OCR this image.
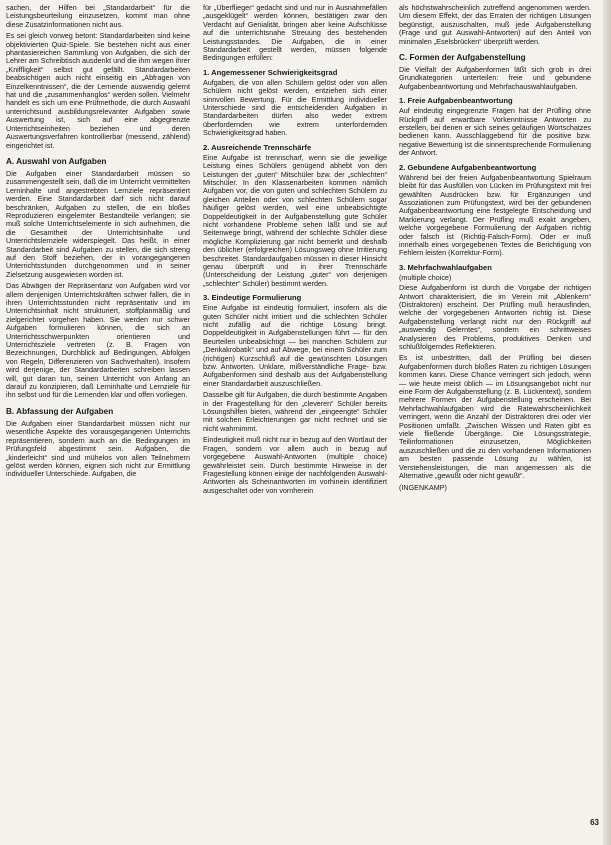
sachen, der Hilfen bei „Standardarbeit“ für die Leistungsbeurteilung einzusetzen, kommt man ohne diese Zusatzinformationen nicht aus.

Es sei gleich vorweg betont: Standardarbeiten sind keine objektivierten Quiz-Spiele. Sie bestehen nicht aus einer phantasiereichen Sammlung von Aufgaben, die sich der Lehrer am Schreibtisch ausdenkt und die ihm wegen ihrer „Kniffligkeit“ selbst gut gefällt. Standardarbeiten beabsichtigen auch nicht einseitig ein „Abfragen von Einzelkenntnissen“, die der Lernende auswendig gelernt hat und die „zusammenhanglos“ werden sollen. Vielmehr handelt es sich um eine Prüfmethode, die durch Auswahl unterrichtsund ausbildungsrelevanter Aufgaben sowie Auswertung ist, sich auf eine abgegrenzte Unterrichtseinheiten beziehen und deren Auswertungsverfahren kontrollierbar (messend, zählend) eingerichtet ist.

A. Auswahl von Aufgaben

Die Aufgaben einer Standardarbeit müssen so zusammengestellt sein, daß die im Unterricht vermittelten Lerninhalte und angestrebten Lernziele repräsentiert werden. Eine Standardarbeit darf sich nicht darauf beschränken, Aufgaben zu stellen, die ein bloßes Reproduzieren eingelernter Bestandteile verlangen; sie muß solche Unterrichtselemente in sich aufnehmen, die die Gesamtheit der Unterrichtsinhalte und Unterrichtslernziele widerspiegelt. Das heißt, in einer Standardarbeit sind Aufgaben zu stellen, die sich streng auf den Stoff beziehen, der in vorangegangenen Unterrichtsstunden durchgenommen und in seiner Zielsetzung ausgewiesen worden ist.

Das Abwägen der Repräsentanz von Aufgaben wird vor allem denjenigen Unterrichtskräften schwer fallen, die in ihren Unterrichtsstunden nicht repräsentativ und im Unterrichtsinhalt nicht strukturiert, stoffplanmäßig und zielgerichtet vorgehen haben. Sie werden nur schwer Aufgaben formulieren können, die sich an Unterrichtsschwerpunkten orientieren und Unterrichtsziele vertreten (z. B. Fragen von Bezeichnungen, Durchblick auf Bedingungen, Abfolgen von Regeln, Differenzieren von Sachverhalten). Insofern wird derjenige, der Standardarbeiten schreiben lassen will, gut daran tun, seinen Unterricht von Anfang an darauf zu konzipieren, daß Lerninhalte und Lernziele für ihn selbst und für die Lernenden klar und offen vorliegen.

B. Abfassung der Aufgaben

Die Aufgaben einer Standardarbeit müssen nicht nur wesentliche Aspekte des vorausgegangenen Unterrichts repräsentieren, sondern auch an die Bedingungen im Prüfungsfeld abgestimmt sein. Aufgaben, die „kinderleicht“ sind und mühelos von allen Teilnehmern gelöst werden können, eignen sich nicht zur Ermittlung individueller Unterschiede. Aufgaben, die

für „Überflieger“ gedacht sind und nur in Ausnahmefällen „ausgeklügelt“ werden können, bestätigen zwar den Verdacht auf Genialität, bringen aber keine Aufschlüsse auf die unterrichtsnahe Streuung des bestehenden Leistungsstandes. Die Aufgaben, die in einer Standardarbeit gestellt werden, müssen folgende Bedingungen erfüllen:

1. Angemessener Schwierigkeitsgrad

Aufgaben, die von allen Schülern gelöst oder von allen Schülern nicht gelöst werden, entziehen sich einer sinnvollen Bewertung. Für die Ermittlung individueller Unterschiede sind die entscheidenden Aufgaben in Standardarbeiten dürfen also weder extrem überfordernden wie extrem unterfordernden Schwierigkeitsgrad haben.

2. Ausreichende Trennschärfe

Eine Aufgabe ist trennscharf, wenn sie die jeweilige Leistung eines Schülers genügend abhebt von den Leistungen der „guten“ Mitschüler bzw. der „schlechten“ Mitschüler. In den Klassenarbeiten kommen nämlich Aufgaben vor, die von guten und schlechten Schülern zu gleichen Anteilen oder von schlechten Schülern sogar häufiger gelöst werden, weil eine unbeabsichtigte Doppeldeutigkeit in der Aufgabenstellung gute Schüler nicht vorhandene Probleme sehen läßt und sie auf Seitenwege bringt, während der schlechte Schüler diese mögliche Komplizierung gar nicht bemerkt und deshalb den üblicher (erfolgreichen) Lösungsweg ohne Irritierung beschreitet. Standardaufgaben müssen in dieser Hinsicht genau überprüft und in ihrer Trennschärfe (Unterscheidung der Leistung „guter“ von derjenigen „schlechter“ Schüler) bestimmt werden.

3. Eindeutige Formulierung

Eine Aufgabe ist eindeutig formuliert, insofern als die guten Schüler nicht irritiert und die schlechten Schüler nicht zufällig auf die richtige Lösung bringt. Doppeldeutigkeit in Aufgabenstellungen führt — für den Beurteilen unbeabsichtigt — bei manchen Schülern zur „Denkakrobatik“ und auf Abwege, bei einem Schüler zum (richtigen) Kurzschluß auf die gewünschten Lösungen bzw. Antworten. Unklare, mißverständliche Frage- bzw. Aufgabenformen sind deshalb aus der Aufgabenstellung einer Standardarbeit auszuschließen.

Dasselbe gilt für Aufgaben, die durch bestimmte Angaben in der Fragestellung für den „cleveren“ Schüler bereits Lösungshilfen bieten, während der „eingeengte“ Schüler mit solchen Erleichterungen gar nicht rechnet und sie nicht wahrnimmt.

Eindeutigkeit muß nicht nur in bezug auf den Wortlaut der Fragen, sondern vor allem auch in bezug auf vorgegebene Auswahl-Antworten (multiple choice) gewährleistet sein. Durch bestimmte Hinweise in der Fragestellung können einige der nachfolgenden Auswahl-Antworten als Scheinantworten im vorhinein identifiziert ausgeschaltet oder von vornherein

als höchstwahrscheinlich zutreffend angenommen werden. Um diesem Effekt, der das Erraten der richtigen Lösungen begünstigt, auszuschalten, muß jede Aufgabenstellung (Frage und gut Auswahl-Antworten) auf den Anteil von minimalen „Eselsbrücken“ überprüft werden.

C. Formen der Aufgabenstellung

Die Vielfalt der Aufgabenformen läßt sich grob in drei Grundkategorien unterteilen: freie und gebundene Aufgabenbeantwortung und Mehrfachauswahlaufgaben.

1. Freie Aufgabenbeantwortung

Auf eindeutig eingegrenzte Fragen hat der Prüfling ohne Rückgriff auf erwartbare Vorkenntnisse Antworten zu erstellen, bei denen er sich seines geläufigen Wortschatzes bedienen kann. Ausschlaggebend für die positive bzw. negative Bewertung ist die sinnentsprechende Formulierung der Antwort.

2. Gebundene Aufgabenbeantwortung

Während bei der freien Aufgabenbeantwortung Spielraum bleibt für das Ausfüllen von Lücken im Prüfungstext mit frei gewählten Ausdrücken bzw. für Ergänzungen und Assoziationen zum Prüfungstext, wird bei der gebundenen Aufgabenbeantwortung eine festgelegte Entscheidung und Markierung verlangt. Der Prüfling muß exakt angeben, welche vorgegebene Formulierung der Aufgaben richtig oder falsch ist (Richtig-Falsch-Form). Oder er muß innerhalb eines vorgegebenen Textes die Berichtigung von Fehlern leisten (Korrektur-Form).

3. Mehrfachwahlaufgaben
(multiple choice)

Diese Aufgabenform ist durch die Vorgabe der richtigen Antwort charakterisiert, die im Verein mit „Ablenkern“ (Distraktoren) erscheint. Der Prüfling muß herausfinden, welche der vorgegebenen Antworten richtig ist. Diese Aufgabenstellung verlangt nicht nur den Rückgriff auf „auswendig Gelerntes“, sondern ein schrittweises Analysieren des Problems, produktives Denken und schlußfolgerndes Reflektieren.

Es ist unbestritten, daß der Prüfling bei diesen Aufgabenformen durch bloßes Raten zu richtigen Lösungen kommen kann. Diese Chance verringert sich jedoch, wenn — wie heute meist üblich — im Lösungsangebot nicht nur eine Form der Aufgabenstellung (z. B. Lückentext), sondern mehrere Formen der Aufgabenstellung erscheinen. Bei Mehrfachwahlaufgaben wird die Ratewahrscheinlichkeit verringert, wenn die Anzahl der Distraktoren drei oder vier Positionen umfaßt. „Zwischen Wissen und Raten gibt es viele fließende Übergänge. Die Lösungsstrategie, Teilinformationen einzusetzen, Möglichkeiten auszuschließen und die zu den vorhandenen Informationen am besten passende Lösung zu wählen, ist Verstehensleistungen, die man angemessen als die Alternative „gewußt oder nicht gewußt“.

(INGENKAMP)

63
